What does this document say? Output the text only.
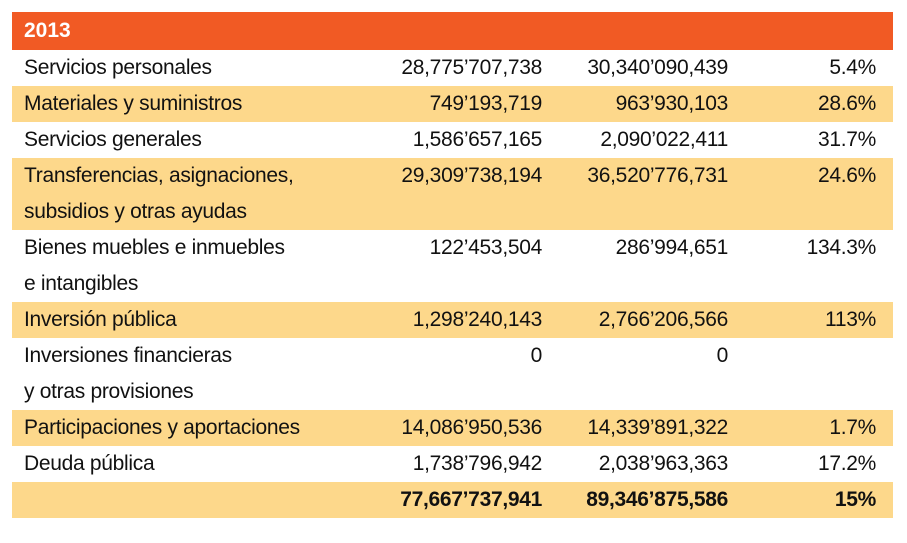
2013
Servicios personales	28,775’707,738	30,340’090,439	5.4%	

Materiales y suministros	749’193,719	963’930,103	28.6%	

Servicios generales	1,586’657,165	2,090’022,411	31.7%	

Transferencias, asignaciones,
subsidios y otras ayudas	29,309’738,194	36,520’776,731	24.6%	

Bienes muebles e inmuebles
e intangibles	122’453,504	286’994,651	134.3%	

Inversión pública	1,298’240,143	2,766’206,566	113%	

Inversiones financieras
y otras provisiones	0	0		

Participaciones y aportaciones	14,086’950,536	14,339’891,322	1.7%	

Deuda pública	1,738’796,942	2,038’963,363	17.2%	
	77,667’737,941	89,346’875,586	15%	
